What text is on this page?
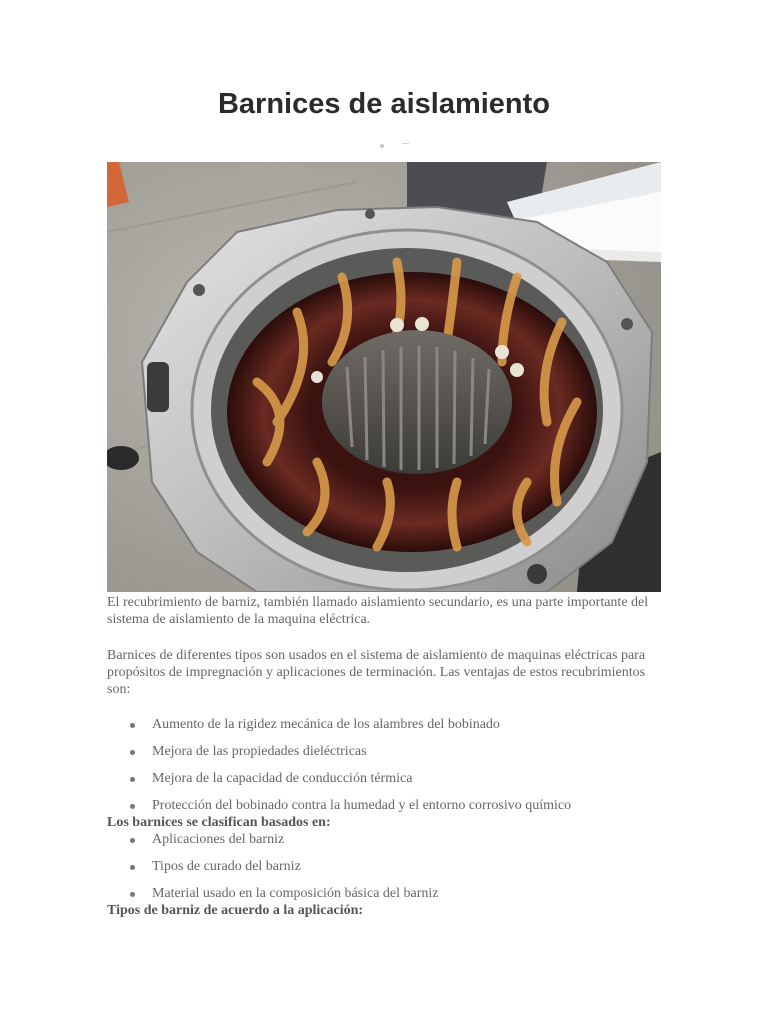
Barnices de aislamiento
El recubrimiento de barniz, también llamado aislamiento secundario, es una parte importante del sistema de aislamiento de la maquina eléctrica.
Barnices de diferentes tipos son usados en el sistema de aislamiento de maquinas eléctricas para propósitos de impregnación y aplicaciones de terminación. Las ventajas de estos recubrimientos son:
Aumento de la rigidez mecánica de los alambres del bobinado
Mejora de las propiedades dieléctricas
Mejora de la capacidad de conducción térmica
Protección del bobinado contra la humedad y el entorno corrosivo químico
Los barnices se clasifican basados en:
Aplicaciones del barniz
Tipos de curado del barniz
Material usado en la composición básica del barniz
Tipos de barniz de acuerdo a la aplicación:
